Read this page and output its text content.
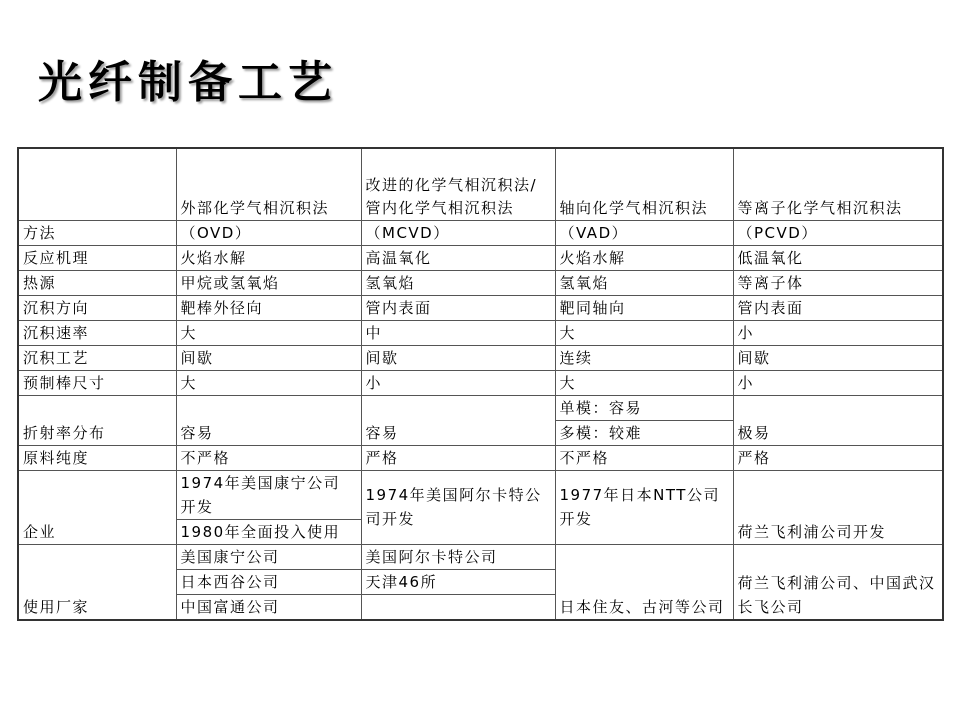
光纤制备工艺
	外部化学气相沉积法	改进的化学气相沉积法/管内化学气相沉积法	轴向化学气相沉积法	等离子化学气相沉积法
方法	（OVD）	（MCVD）	（VAD）	（PCVD）
反应机理	火焰水解	高温氧化	火焰水解	低温氧化
热源	甲烷或氢氧焰	氢氧焰	氢氧焰	等离子体
沉积方向	靶棒外径向	管内表面	靶同轴向	管内表面
沉积速率	大	中	大	小
沉积工艺	间歇	间歇	连续	间歇
预制棒尺寸	大	小	大	小
折射率分布	容易	容易	单模：容易	极易
			多模：较难	
原料纯度	不严格	严格	不严格	严格
企业	1974年美国康宁公司开发	1974年美国阿尔卡特公司开发	1977年日本NTT公司开发	荷兰飞利浦公司开发
	1980年全面投入使用			
使用厂家	美国康宁公司	美国阿尔卡特公司	日本住友、古河等公司	荷兰飞利浦公司、中国武汉长飞公司
	日本西谷公司	天津46所		
	中国富通公司			
